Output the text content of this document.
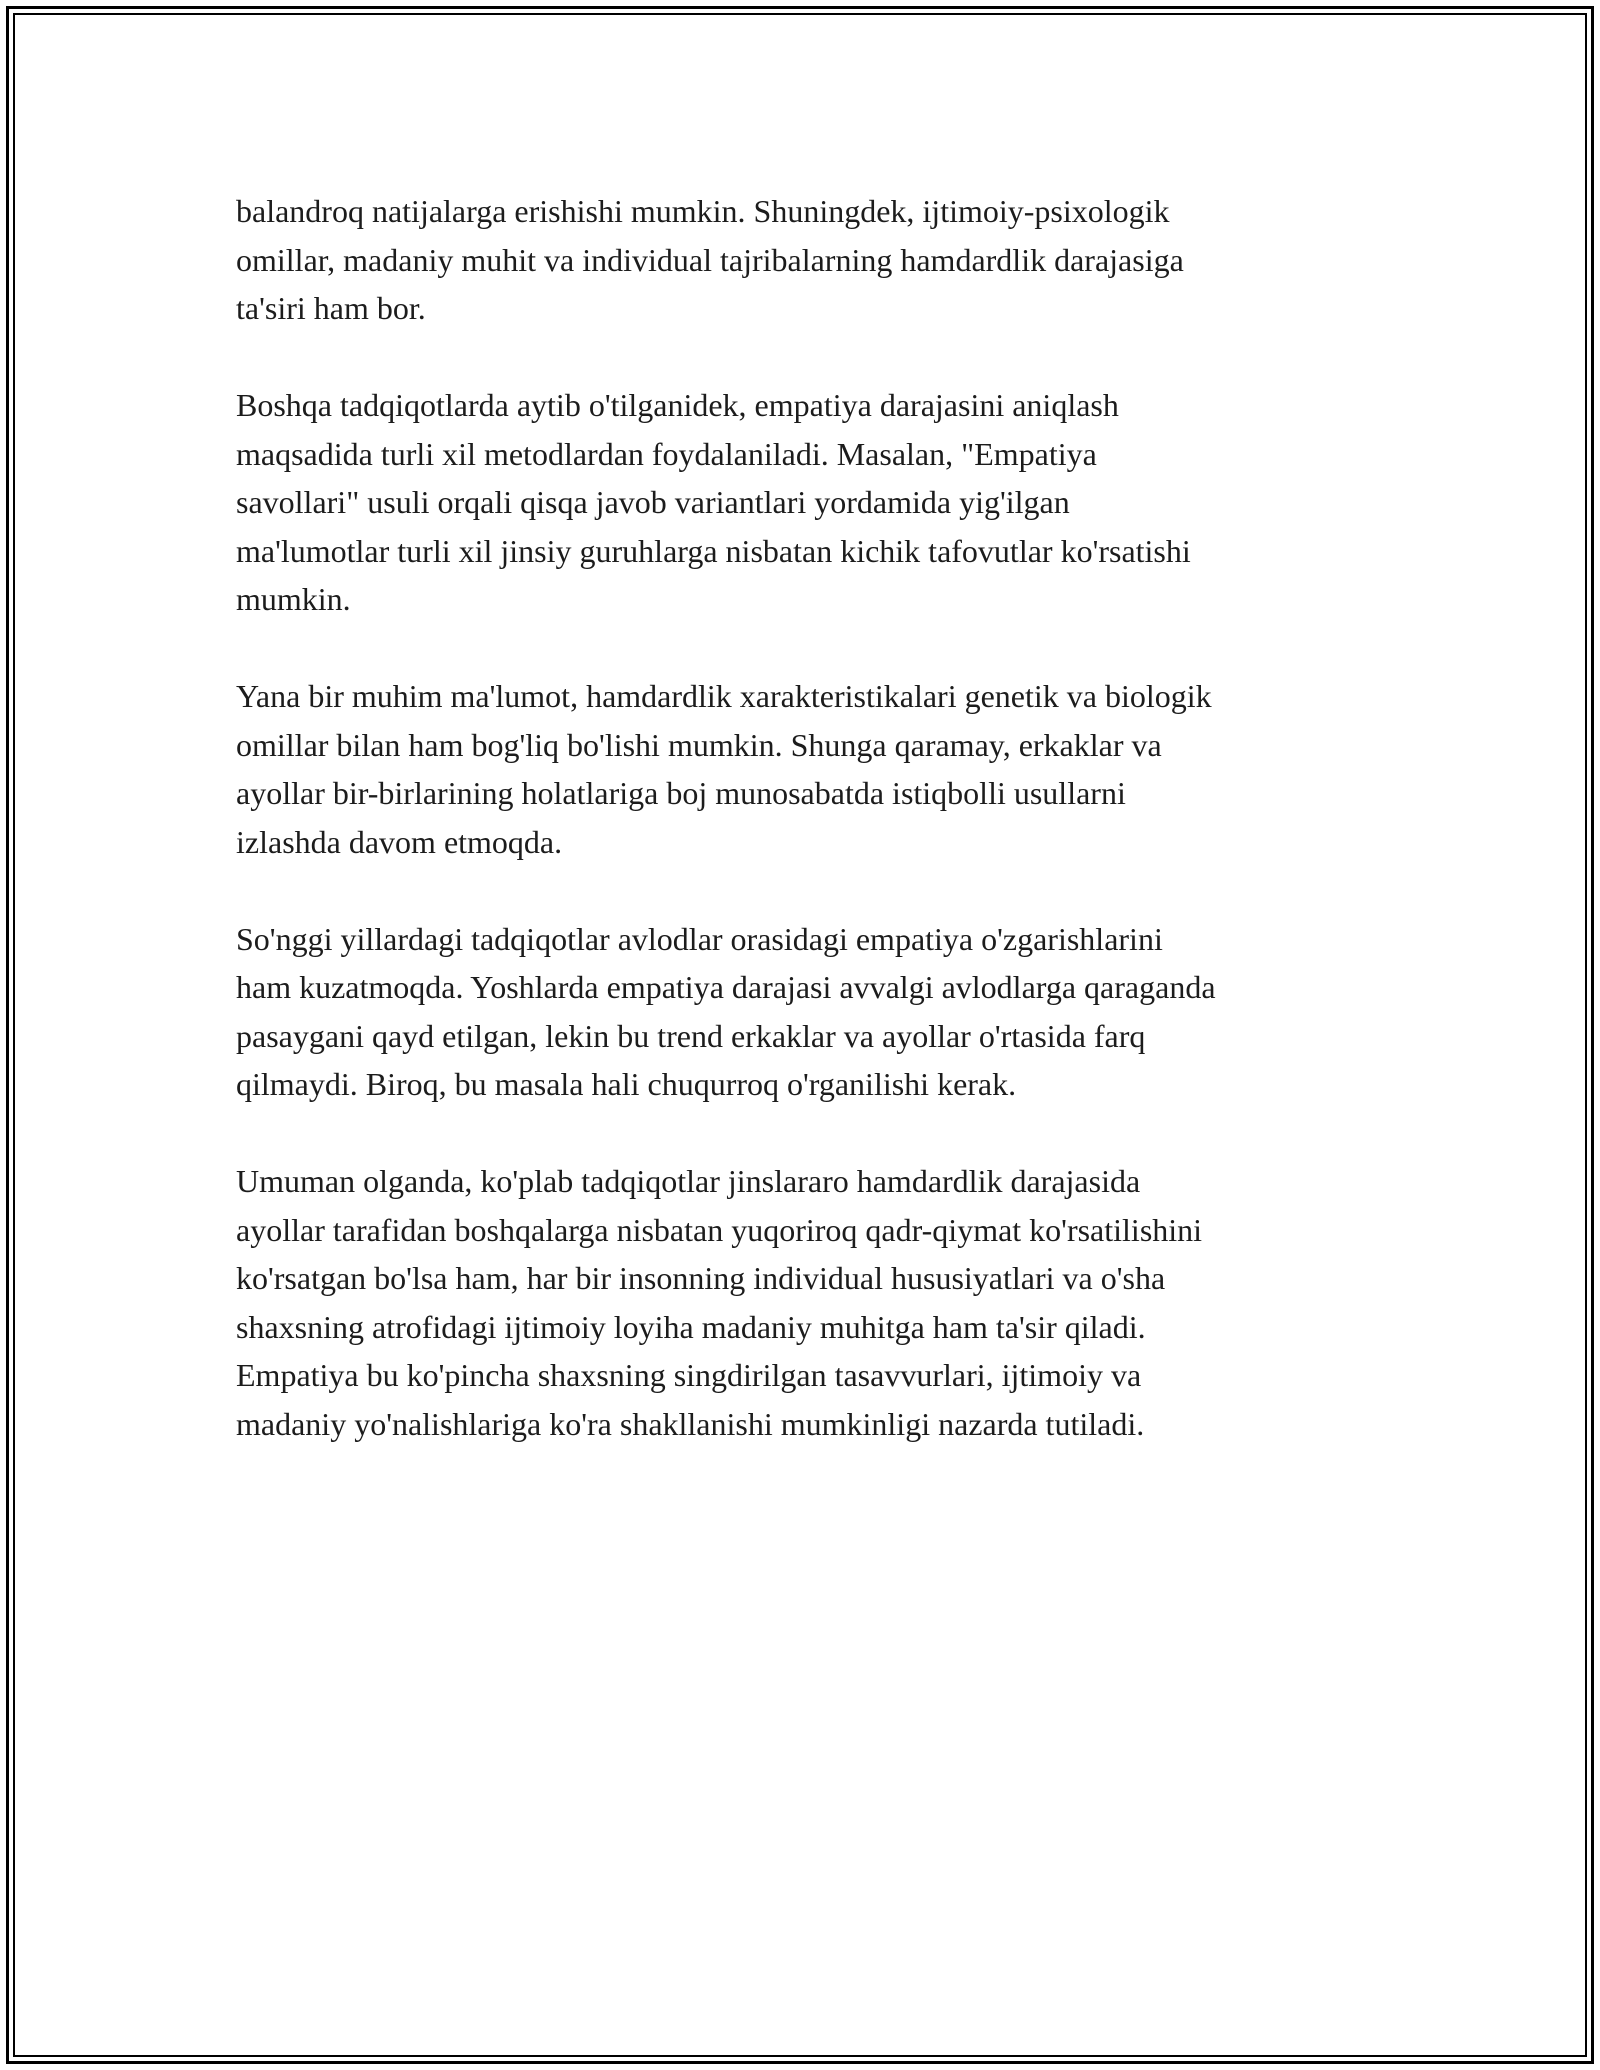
balandroq natijalarga erishishi mumkin. Shuningdek, ijtimoiy-psixologik
omillar, madaniy muhit va individual tajribalarning hamdardlik darajasiga
ta'siri ham bor.

Boshqa tadqiqotlarda aytib o'tilganidek, empatiya darajasini aniqlash
maqsadida turli xil metodlardan foydalaniladi. Masalan, "Empatiya
savollari" usuli orqali qisqa javob variantlari yordamida yig'ilgan
ma'lumotlar turli xil jinsiy guruhlarga nisbatan kichik tafovutlar ko'rsatishi
mumkin.

Yana bir muhim ma'lumot, hamdardlik xarakteristikalari genetik va biologik
omillar bilan ham bog'liq bo'lishi mumkin. Shunga qaramay, erkaklar va
ayollar bir-birlarining holatlariga boj munosabatda istiqbolli usullarni
izlashda davom etmoqda.

So'nggi yillardagi tadqiqotlar avlodlar orasidagi empatiya o'zgarishlarini
ham kuzatmoqda. Yoshlarda empatiya darajasi avvalgi avlodlarga qaraganda
pasaygani qayd etilgan, lekin bu trend erkaklar va ayollar o'rtasida farq
qilmaydi. Biroq, bu masala hali chuqurroq o'rganilishi kerak.

Umuman olganda, ko'plab tadqiqotlar jinslararo hamdardlik darajasida
ayollar tarafidan boshqalarga nisbatan yuqoriroq qadr-qiymat ko'rsatilishini
ko'rsatgan bo'lsa ham, har bir insonning individual hususiyatlari va o'sha
shaxsning atrofidagi ijtimoiy loyiha madaniy muhitga ham ta'sir qiladi.
Empatiya bu ko'pincha shaxsning singdirilgan tasavvurlari, ijtimoiy va
madaniy yo'nalishlariga ko'ra shakllanishi mumkinligi nazarda tutiladi.
